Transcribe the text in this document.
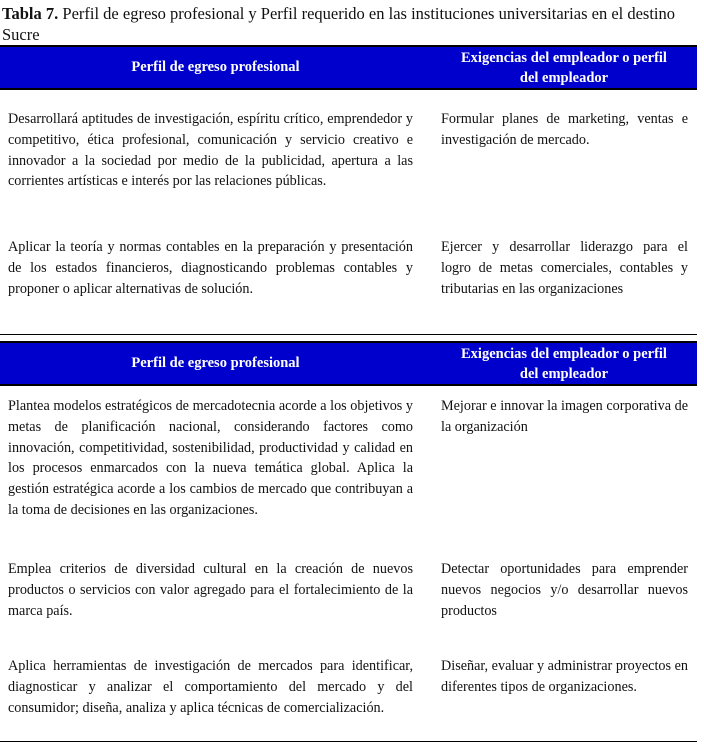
Tabla 7. Perfil de egreso profesional y Perfil requerido en las instituciones universitarias en el destino Sucre
Perfil de egreso profesional
Exigencias del empleador o perfil
del empleador
Desarrollará aptitudes de investigación, espíritu crítico, emprendedor y competitivo, ética profesional, comunicación y servicio creativo e innovador a la sociedad por medio de la publicidad, apertura a las corrientes artísticas e interés por las relaciones públicas.
Formular planes de marketing, ventas e investigación de mercado.
Aplicar la teoría y normas contables en la preparación y presentación de los estados financieros, diagnosticando problemas contables y proponer o aplicar alternativas de solución.
Ejercer y desarrollar liderazgo para el logro de metas comerciales, contables y tributarias en las organizaciones
Perfil de egreso profesional
Exigencias del empleador o perfil
del empleador
Plantea modelos estratégicos de mercadotecnia acorde a los objetivos y metas de planificación nacional, considerando factores como innovación, competitividad, sostenibilidad, productividad y calidad en los procesos enmarcados con la nueva temática global. Aplica la gestión estratégica acorde a los cambios de mercado que contribuyan a la toma de decisiones en las organizaciones.
Mejorar e innovar la imagen corporativa de la organización
Emplea criterios de diversidad cultural en la creación de nuevos productos o servicios con valor agregado para el fortalecimiento de la marca país.
Detectar oportunidades para emprender nuevos negocios y/o desarrollar nuevos productos
Aplica herramientas de investigación de mercados para identificar, diagnosticar y analizar el comportamiento del mercado y del consumidor; diseña, analiza y aplica técnicas de comercialización.
Diseñar, evaluar y administrar proyectos en diferentes tipos de organizaciones.
